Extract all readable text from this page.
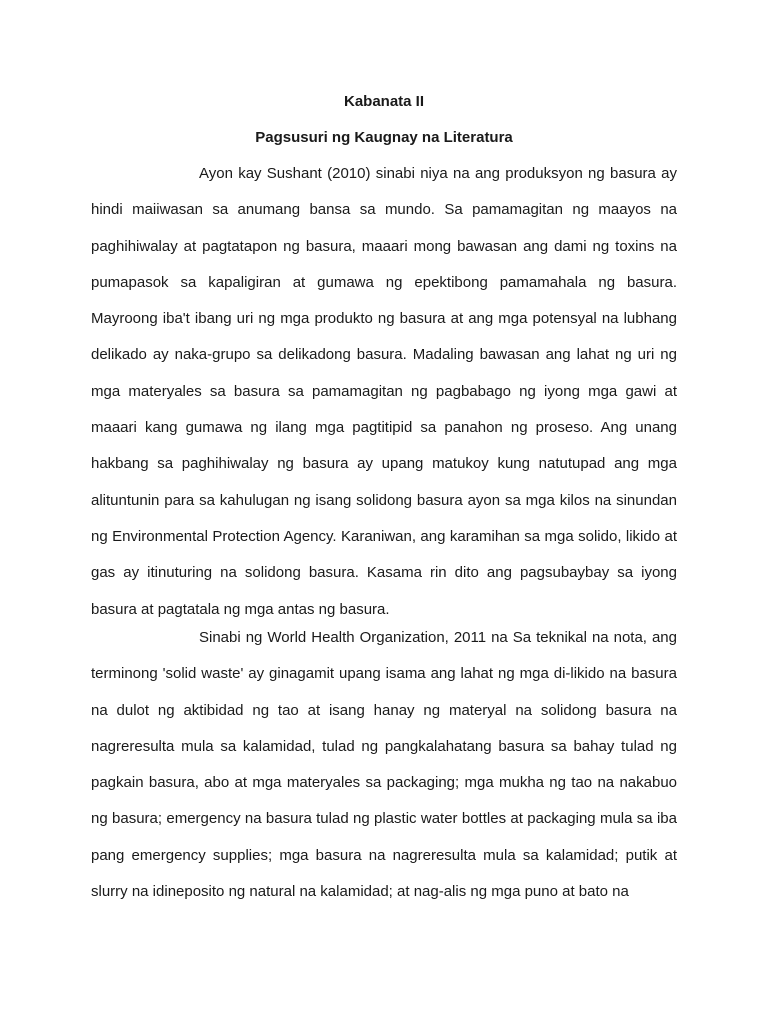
Kabanata II
Pagsusuri ng Kaugnay na Literatura

Ayon kay Sushant (2010) sinabi niya na ang produksyon ng basura ay hindi maiiwasan sa anumang bansa sa mundo. Sa pamamagitan ng maayos na paghihiwalay at pagtatapon ng basura, maaari mong bawasan ang dami ng toxins na pumapasok sa kapaligiran at gumawa ng epektibong pamamahala ng basura. Mayroong iba't ibang uri ng mga produkto ng basura at ang mga potensyal na lubhang delikado ay naka-grupo sa delikadong basura. Madaling bawasan ang lahat ng uri ng mga materyales sa basura sa pamamagitan ng pagbabago ng iyong mga gawi at maaari kang gumawa ng ilang mga pagtitipid sa panahon ng proseso. Ang unang hakbang sa paghihiwalay ng basura ay upang matukoy kung natutupad ang mga alituntunin para sa kahulugan ng isang solidong basura ayon sa mga kilos na sinundan ng Environmental Protection Agency. Karaniwan, ang karamihan sa mga solido, likido at gas ay itinuturing na solidong basura. Kasama rin dito ang pagsubaybay sa iyong basura at pagtatala ng mga antas ng basura.

Sinabi ng World Health Organization, 2011 na Sa teknikal na nota, ang terminong 'solid waste' ay ginagamit upang isama ang lahat ng mga di-likido na basura na dulot ng aktibidad ng tao at isang hanay ng materyal na solidong basura na nagreresulta mula sa kalamidad, tulad ng pangkalahatang basura sa bahay tulad ng pagkain basura, abo at mga materyales sa packaging; mga mukha ng tao na nakabuo ng basura; emergency na basura tulad ng plastic water bottles at packaging mula sa iba pang emergency supplies; mga basura na nagreresulta mula sa kalamidad; putik at slurry na idineposito ng natural na kalamidad; at nag-alis ng mga puno at bato na
